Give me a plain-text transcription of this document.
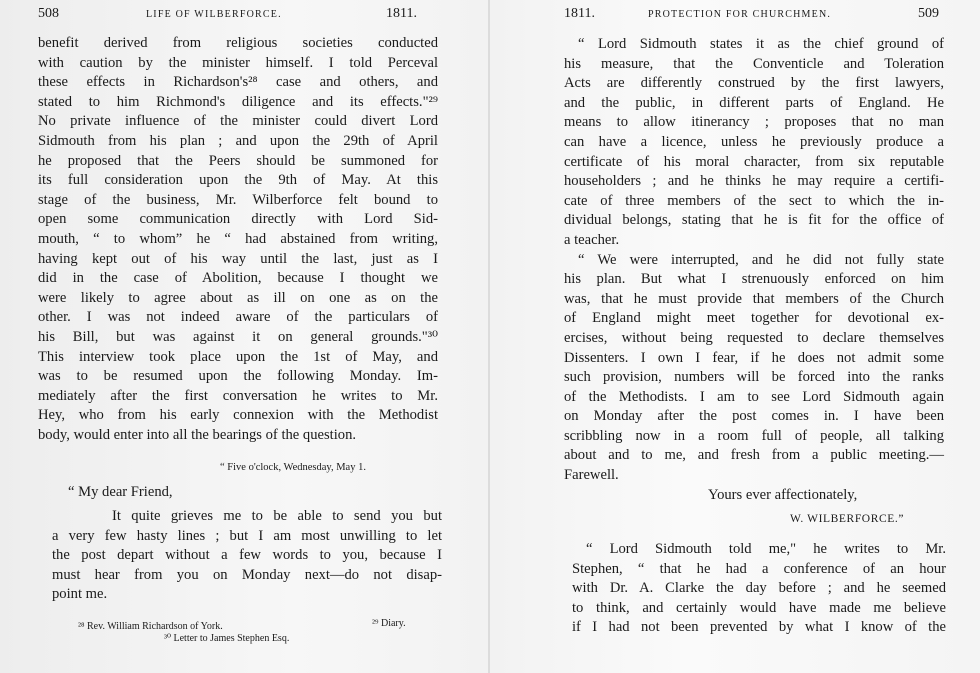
508	LIFE OF WILBERFORCE.	1811.
benefit derived from religious societies conducted
with caution by the minister himself. I told Perceval
these effects in Richardson's²⁸ case and others, and
stated to him Richmond's diligence and its effects."²⁹
No private influence of the minister could divert Lord
Sidmouth from his plan ; and upon the 29th of April
he proposed that the Peers should be summoned for
its full consideration upon the 9th of May. At this
stage of the business, Mr. Wilberforce felt bound to
open some communication directly with Lord Sid-
mouth, “ to whom” he “ had abstained from writing,
having kept out of his way until the last, just as I
did in the case of Abolition, because I thought we
were likely to agree about as ill on one as on the
other. I was not indeed aware of the particulars of
his Bill, but was against it on general grounds."³⁰
This interview took place upon the 1st of May, and
was to be resumed upon the following Monday. Im-
mediately after the first conversation he writes to Mr.
Hey, who from his early connexion with the Methodist
body, would enter into all the bearings of the question.
“ Five o'clock, Wednesday, May 1.
“ My dear Friend,
It quite grieves me to be able to send you but
a very few hasty lines ; but I am most unwilling to let
the post depart without a few words to you, because I
must hear from you on Monday next—do not disap-
point me.
²⁸ Rev. William Richardson of York.	²⁹ Diary.
³⁰ Letter to James Stephen Esq.
1811.	PROTECTION FOR CHURCHMEN.	509
“ Lord Sidmouth states it as the chief ground of
his measure, that the Conventicle and Toleration
Acts are differently construed by the first lawyers,
and the public, in different parts of England. He
means to allow itinerancy ; proposes that no man
can have a licence, unless he previously produce a
certificate of his moral character, from six reputable
householders ; and he thinks he may require a certifi-
cate of three members of the sect to which the in-
dividual belongs, stating that he is fit for the office of
a teacher.
“ We were interrupted, and he did not fully state
his plan. But what I strenuously enforced on him
was, that he must provide that members of the Church
of England might meet together for devotional ex-
ercises, without being requested to declare themselves
Dissenters. I own I fear, if he does not admit some
such provision, numbers will be forced into the ranks
of the Methodists. I am to see Lord Sidmouth again
on Monday after the post comes in. I have been
scribbling now in a room full of people, all talking
about and to me, and fresh from a public meeting.—
Farewell.
Yours ever affectionately,
W. WILBERFORCE.”
“ Lord Sidmouth told me," he writes to Mr.
Stephen, “ that he had a conference of an hour
with Dr. A. Clarke the day before ; and he seemed
to think, and certainly would have made me believe
if I had not been prevented by what I know of the
